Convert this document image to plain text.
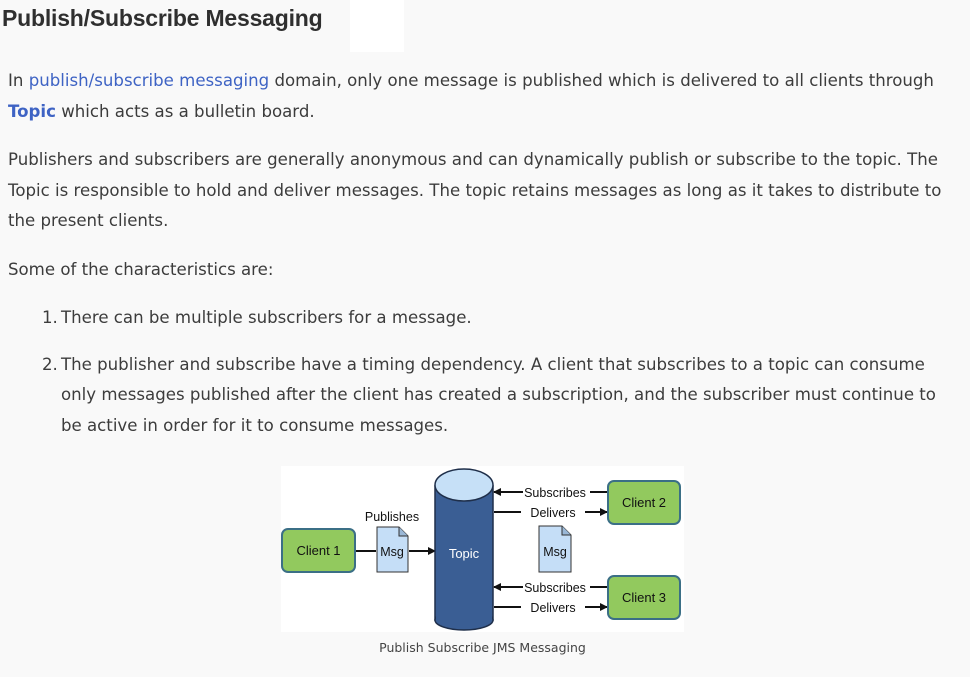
Publish/Subscribe Messaging

In publish/subscribe messaging domain, only one message is published which is delivered to all clients through Topic which acts as a bulletin board.

Publishers and subscribers are generally anonymous and can dynamically publish or subscribe to the topic. The Topic is responsible to hold and deliver messages. The topic retains messages as long as it takes to distribute to the present clients.

Some of the characteristics are:

1. There can be multiple subscribers for a message.
2. The publisher and subscribe have a timing dependency. A client that subscribes to a topic can consume only messages published after the client has created a subscription, and the subscriber must continue to be active in order for it to consume messages.
Client 1
Publishes
Msg	Topic
Subscribes
Delivers
Client 2
Msg
Subscribes
Delivers
Client 3
Publish Subscribe JMS Messaging
